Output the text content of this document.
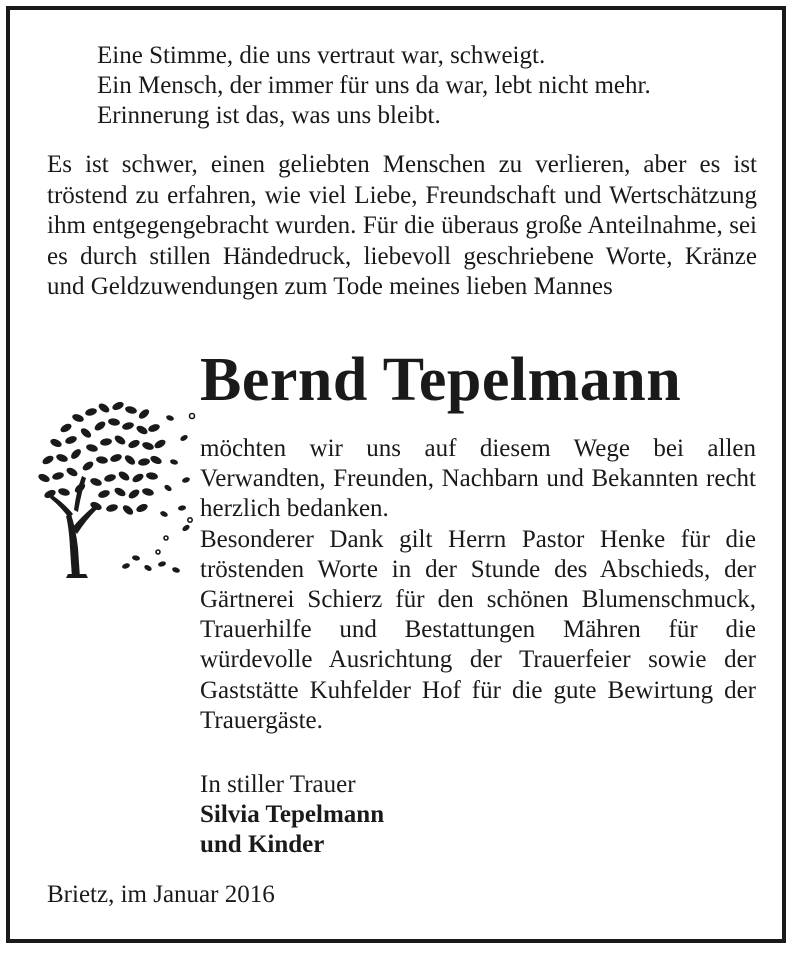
Eine Stimme, die uns vertraut war, schweigt.
Ein Mensch, der immer für uns da war, lebt nicht mehr.
Erinnerung ist das, was uns bleibt.
Es ist schwer, einen geliebten Menschen zu verlieren, aber es ist tröstend zu erfahren, wie viel Liebe, Freundschaft und Wertschätzung ihm entgegengebracht wurden. Für die überaus große Anteilnahme, sei es durch stillen Händedruck, liebevoll geschriebene Worte, Kränze und Geldzuwendungen zum Tode meines lieben Mannes
Bernd Tepelmann

möchten wir uns auf diesem Wege bei allen Verwandten, Freunden, Nachbarn und Bekannten recht herzlich bedanken.

Besonderer Dank gilt Herrn Pastor Henke für die tröstenden Worte in der Stunde des Abschieds, der Gärtnerei Schierz für den schönen Blumenschmuck, Trauerhilfe und Bestattungen Mähren für die würdevolle Ausrichtung der Trauerfeier sowie der Gaststätte Kuhfelder Hof für die gute Bewirtung der Trauergäste.

In stiller Trauer
Silvia Tepelmann
und Kinder
Brietz, im Januar 2016
